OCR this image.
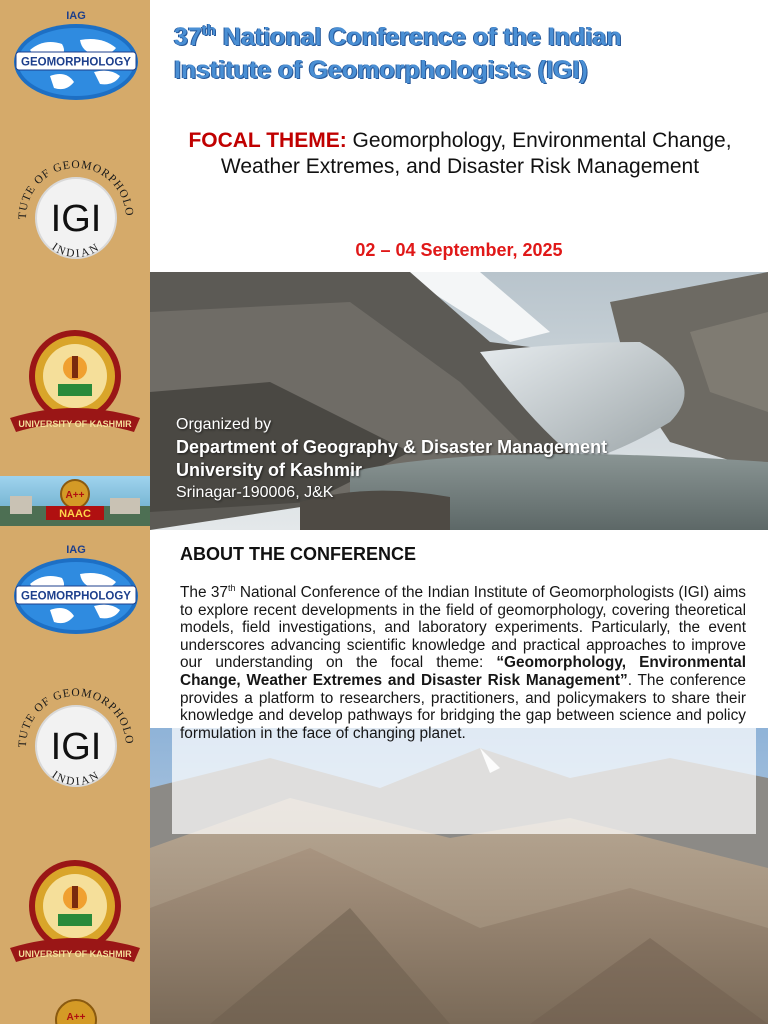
IAG
GEOMORPHOLOGY
TUTE OF GEOMORPHOLO
INDIAN
IGI
UNIVERSITY OF KASHMIR
A++
NAAC
IAG
GEOMORPHOLOGY
TUTE OF GEOMORPHOLO
INDIAN
IGI
UNIVERSITY OF KASHMIR
A++
37th National Conference of the Indian
Institute of Geomorphologists (IGI)
FOCAL THEME: Geomorphology, Environmental Change, Weather Extremes, and Disaster Risk Management
02 – 04 September, 2025
Organized by
Department of Geography & Disaster Management
University of Kashmir
Srinagar-190006, J&K
ABOUT THE CONFERENCE
The 37th National Conference of the Indian Institute of Geomorphologists (IGI) aims to explore recent developments in the field of geomorphology, covering theoretical models, field investigations, and laboratory experiments. Particularly, the event underscores advancing scientific knowledge and practical approaches to improve our understanding on the focal theme: “Geomorphology, Environmental Change, Weather Extremes and Disaster Risk Management”. The conference provides a platform to researchers, practitioners, and policymakers to share their knowledge and develop pathways for bridging the gap between science and policy formulation in the face of changing planet.
